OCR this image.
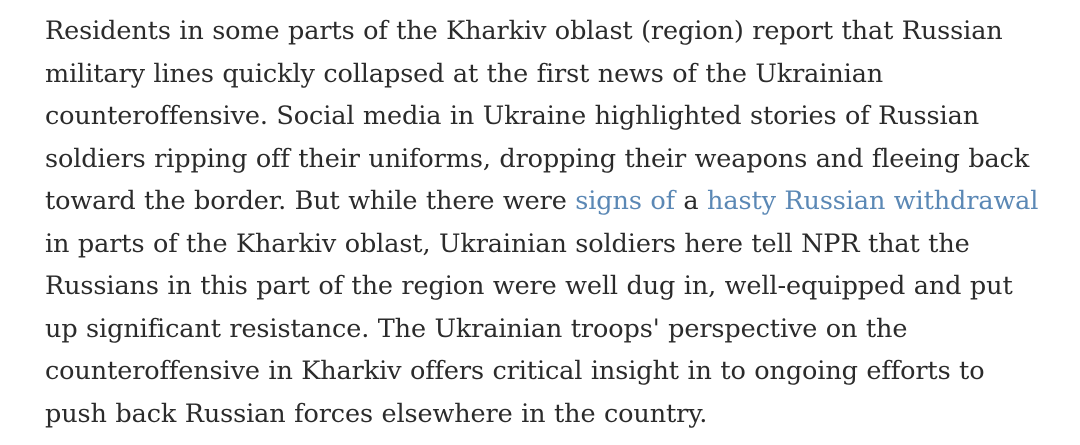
Residents in some parts of the Kharkiv oblast (region) report that Russian military lines quickly collapsed at the first news of the Ukrainian counteroffensive. Social media in Ukraine highlighted stories of Russian soldiers ripping off their uniforms, dropping their weapons and fleeing back toward the border. But while there were signs of a hasty Russian withdrawal in parts of the Kharkiv oblast, Ukrainian soldiers here tell NPR that the Russians in this part of the region were well dug in, well-equipped and put up significant resistance. The Ukrainian troops' perspective on the counteroffensive in Kharkiv offers critical insight in to ongoing efforts to push back Russian forces elsewhere in the country.
